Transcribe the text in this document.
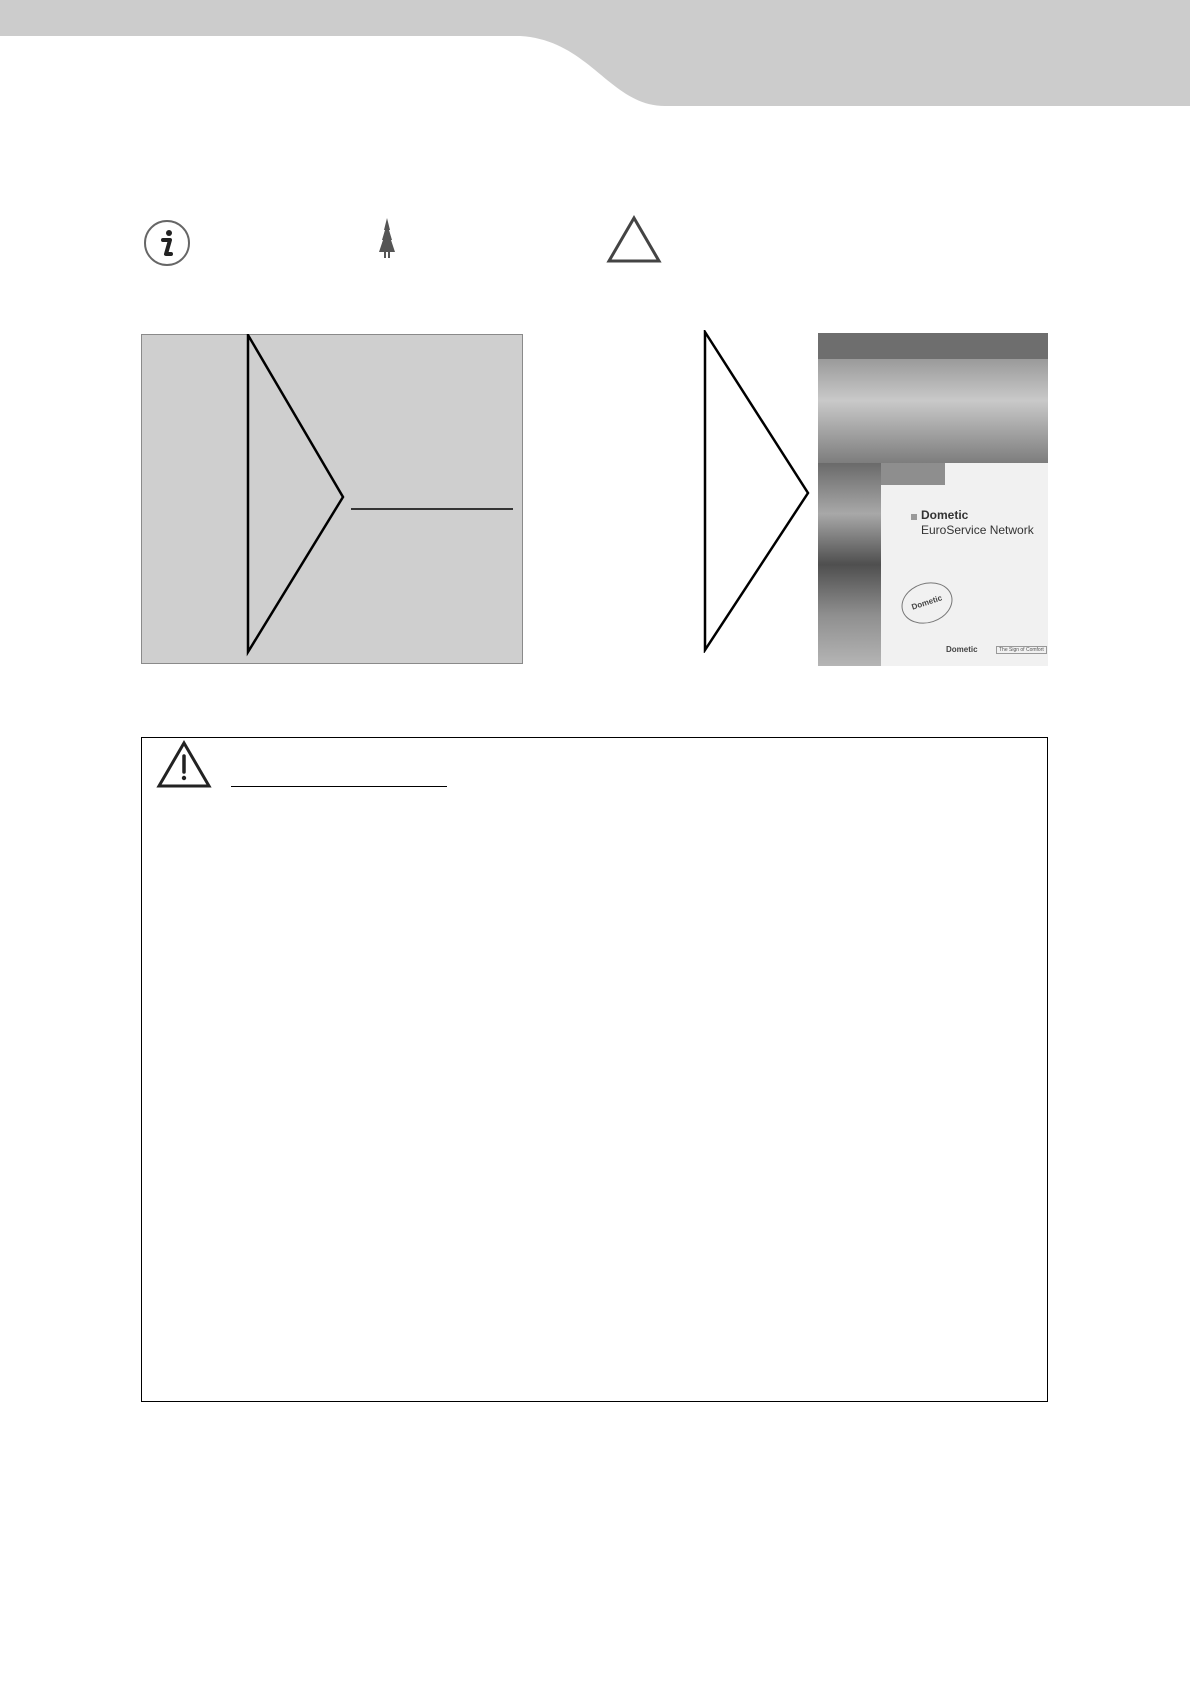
Dometic
EuroService Network
Dometic
Dometic	The Sign of Comfort
